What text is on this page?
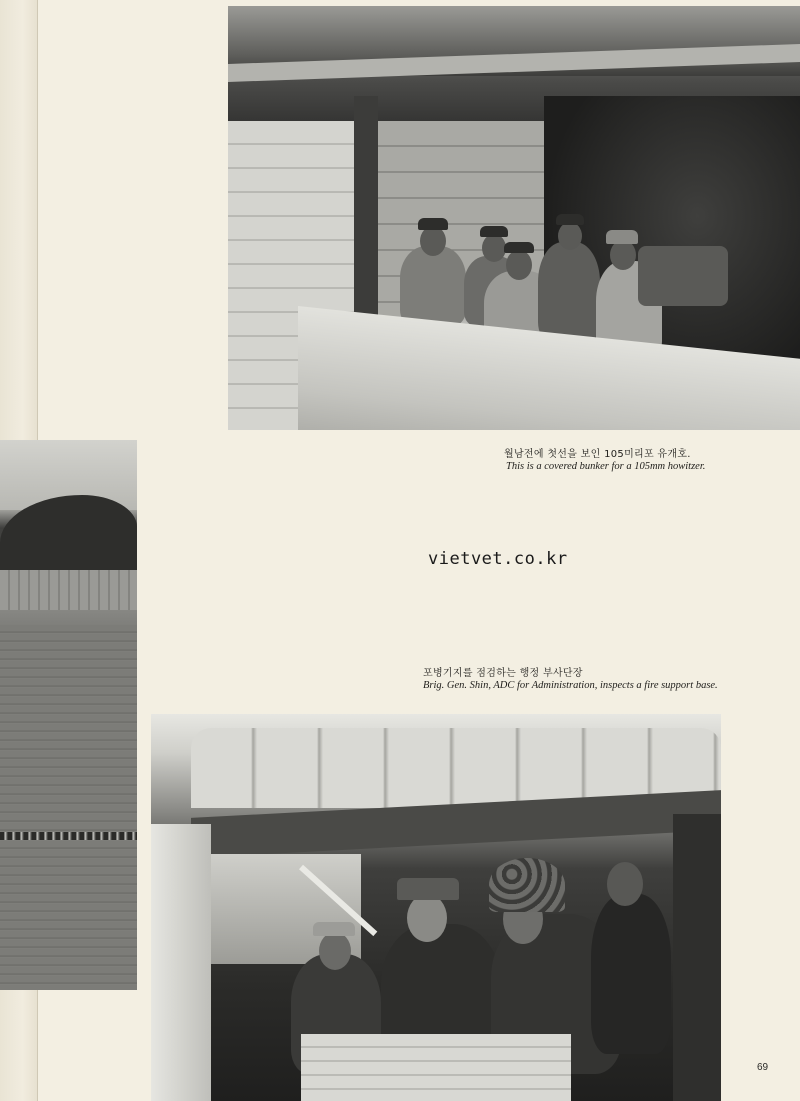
월남전에 첫선을 보인 105미리포 유개호.
This is a covered bunker for a 105mm howitzer.
vietvet.co.kr
포병기지를 점검하는 행정 부사단장
Brig. Gen. Shin, ADC for Administration, inspects a fire support base.
69
